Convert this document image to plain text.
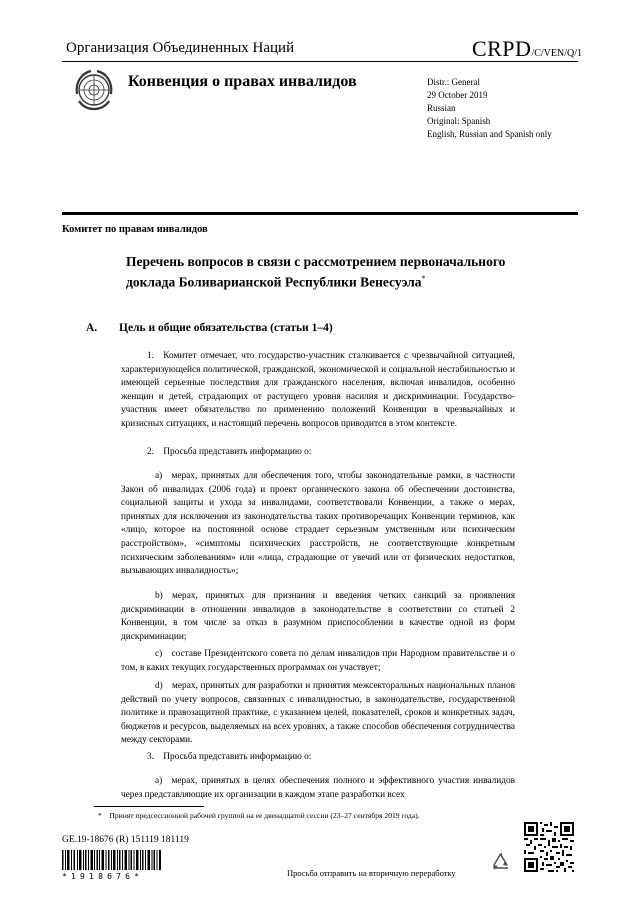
Организация Объединенных Наций	CRPD/C/VEN/Q/1
Конвенция о правах инвалидов	Distr.: General
29 October 2019
Russian
Original: Spanish
English, Russian and Spanish only
Комитет по правам инвалидов
Перечень вопросов в связи с рассмотрением первоначального доклада Боливарианской Республики Венесуэла*
A. Цель и общие обязательства (статьи 1–4)

1. Комитет отмечает, что государство-участник сталкивается с чрезвычайной ситуацией, характеризующейся политической, гражданской, экономической и социальной нестабильностью и имеющей серьезные последствия для гражданского населения, включая инвалидов, особенно женщин и детей, страдающих от растущего уровня насилия и дискриминации. Государство-участник имеет обязательство по применению положений Конвенции в чрезвычайных и кризисных ситуациях, и настоящий перечень вопросов приводится в этом контексте.

2. Просьба представить информацию о:

a) мерах, принятых для обеспечения того, чтобы законодательные рамки, в частности Закон об инвалидах (2006 года) и проект органического закона об обеспечении достоинства, социальной защиты и ухода за инвалидами, соответствовали Конвенции, а также о мерах, принятых для исключения из законодательства таких противоречащих Конвенции терминов, как «лицо, которое на постоянной основе страдает серьезным умственным или психическим расстройством», «симптомы психических расстройств, не соответствующие конкретным психическим заболеваниям» или «лица, страдающие от увечий или от физических недостатков, вызывающих инвалидность»;

b) мерах, принятых для признания и введения четких санкций за проявления дискриминации в отношении инвалидов в законодательстве в соответствии со статьей 2 Конвенции, в том числе за отказ в разумном приспособлении в качестве одной из форм дискриминации;

c) составе Президентского совета по делам инвалидов при Народном правительстве и о том, в каких текущих государственных программах он участвует;

d) мерах, принятых для разработки и принятия межсекторальных национальных планов действий по учету вопросов, связанных с инвалидностью, в законодательстве, государственной политике и правозащитной практике, с указанием целей, показателей, сроков и конкретных задач, бюджетов и ресурсов, выделяемых на всех уровнях, а также способов обеспечения сотрудничества между секторами.

3. Просьба представить информацию о:

a) мерах, принятых в целях обеспечения полного и эффективного участия инвалидов через представляющие их организации в каждом этапе разработки всех

* Принят предсессионной рабочей группой на ее двенадцатой сессии (23–27 сентября 2019 года).
GE.19-18676 (R) 151119 181119
*1918676*	Просьба отправить на вторичную переработку
